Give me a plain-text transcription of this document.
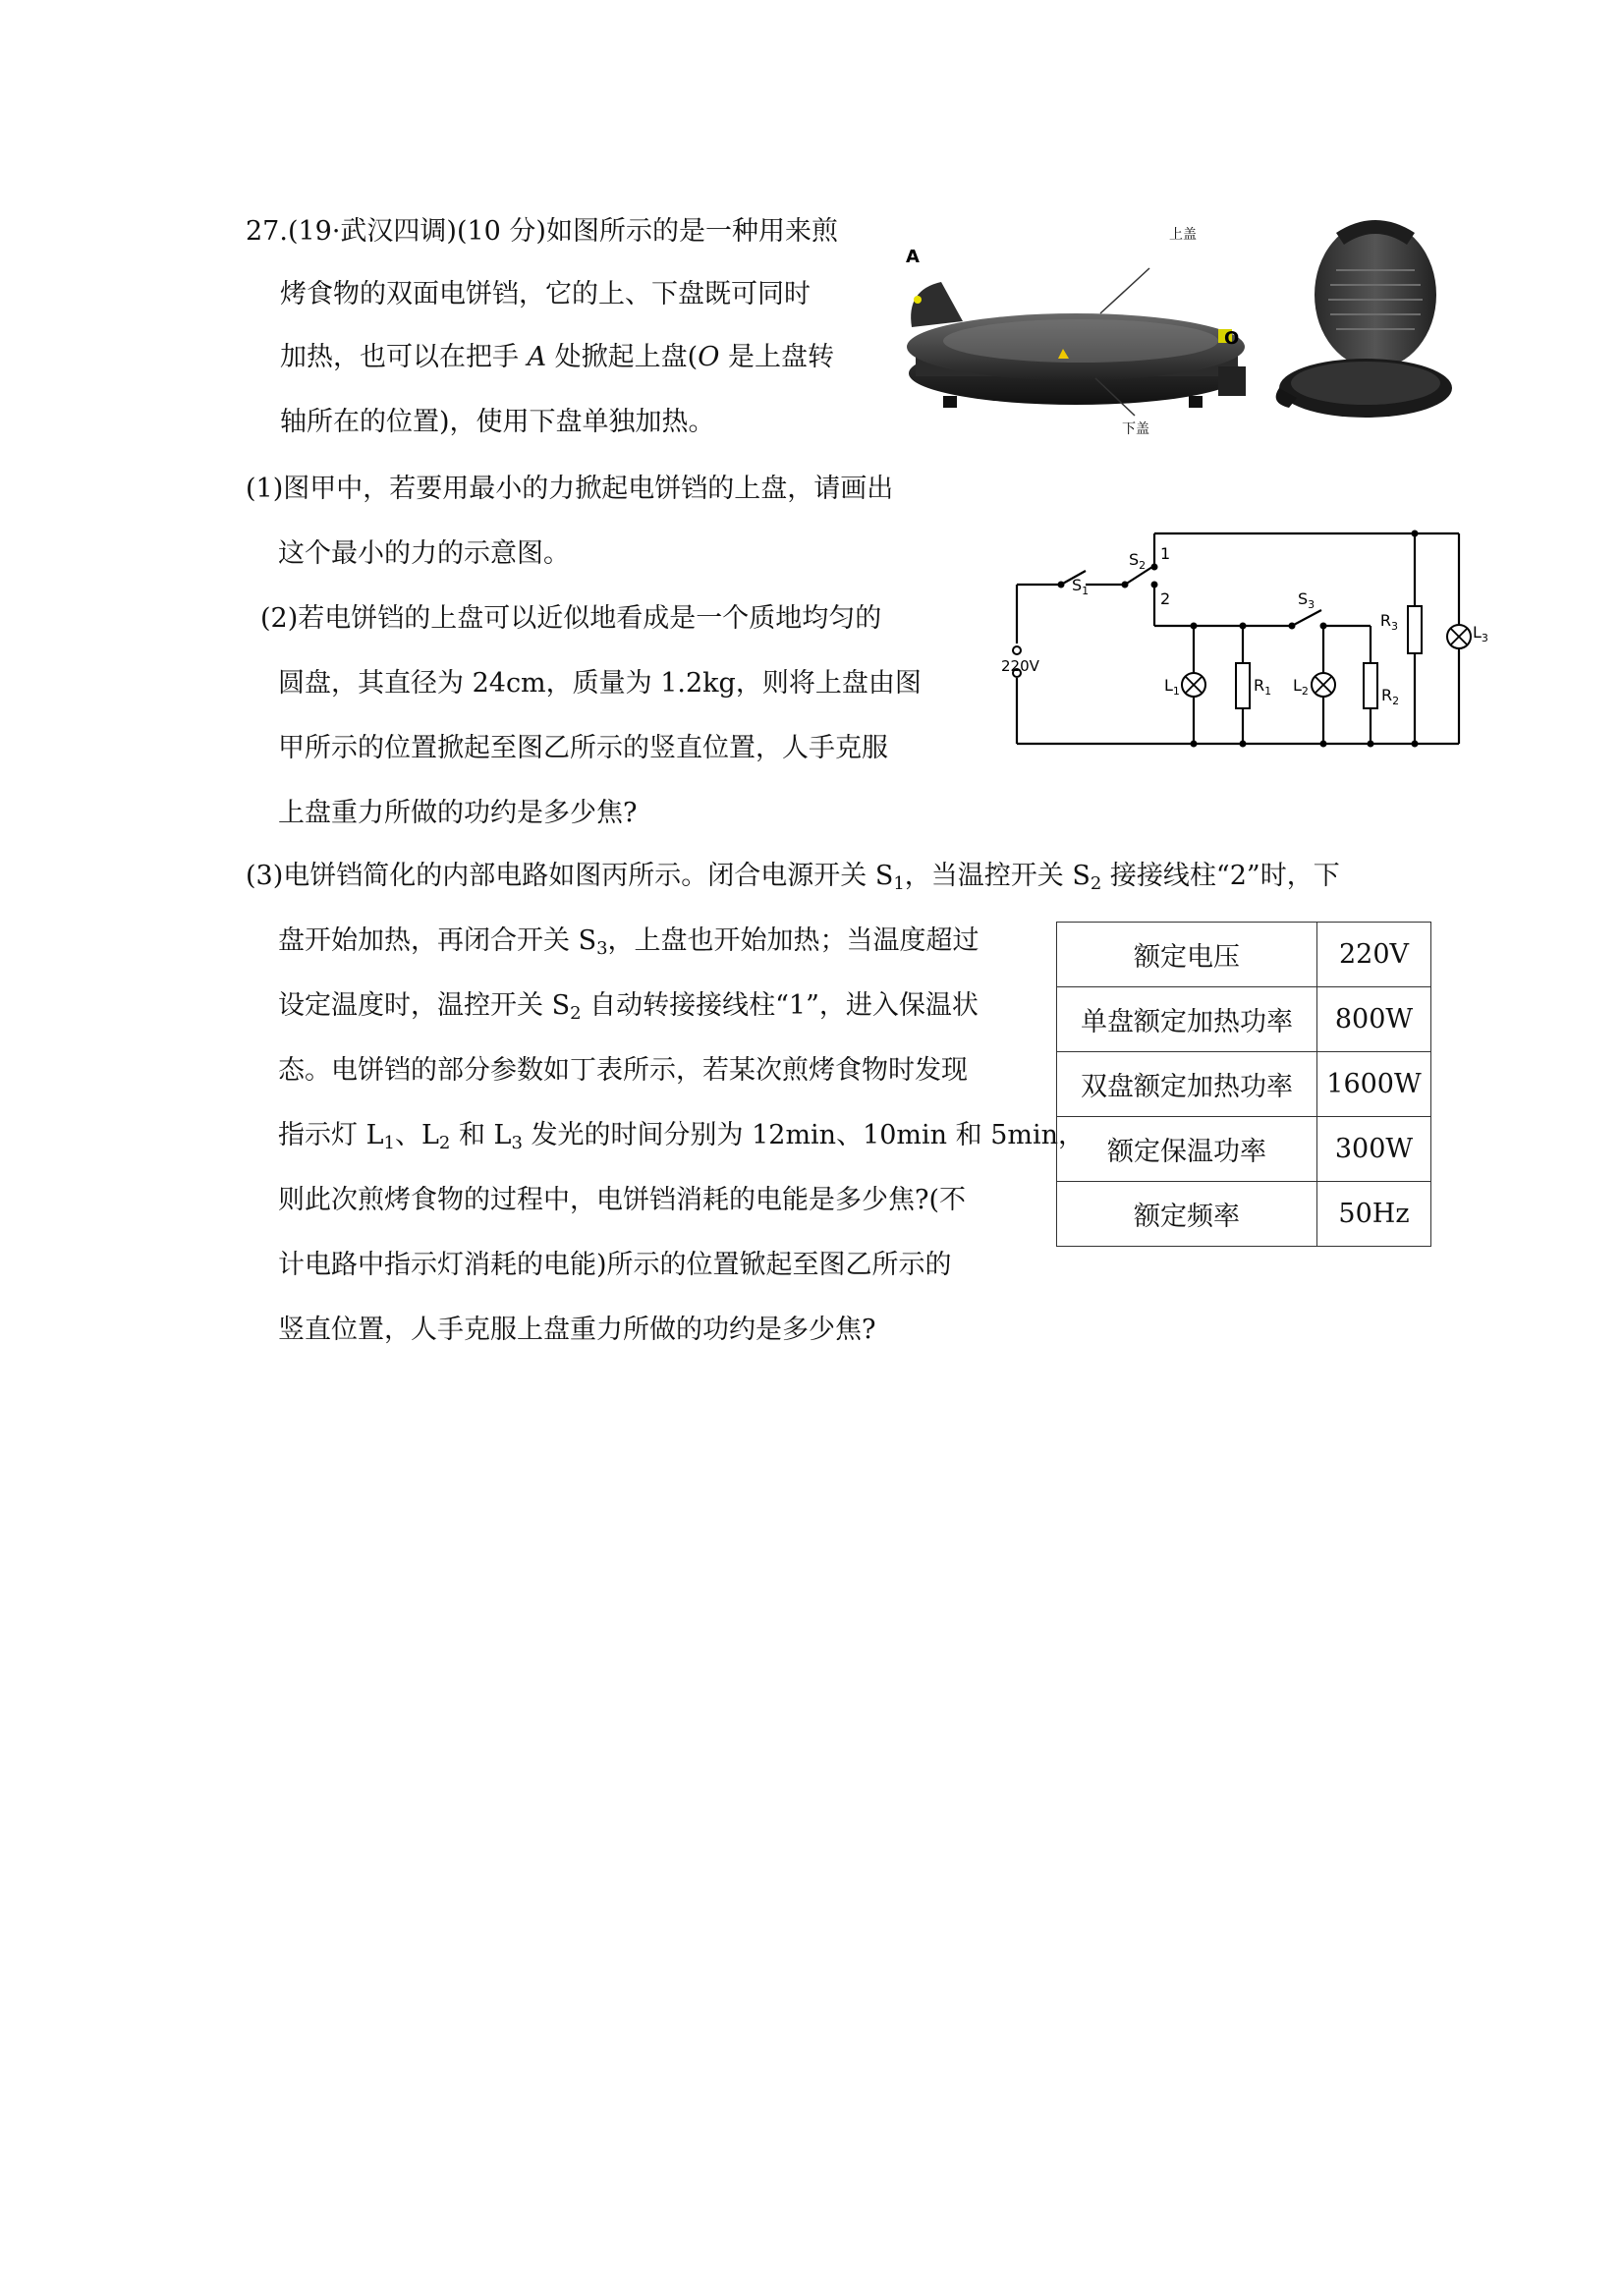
27.(19·武汉四调)(10 分)如图所示的是一种用来煎
烤食物的双面电饼铛，它的上、下盘既可同时
加热，也可以在把手 A 处掀起上盘(O 是上盘转
轴所在的位置)，使用下盘单独加热。
(1)图甲中，若要用最小的力掀起电饼铛的上盘，请画出
这个最小的力的示意图。
(2)若电饼铛的上盘可以近似地看成是一个质地均匀的
圆盘，其直径为 24cm，质量为 1.2kg，则将上盘由图
甲所示的位置掀起至图乙所示的竖直位置，人手克服
上盘重力所做的功约是多少焦?
(3)电饼铛简化的内部电路如图丙所示。闭合电源开关 $S_1$，当温控开关 $S_2$ 接接线柱“2”时，下
盘开始加热，再闭合开关 $S_3$，上盘也开始加热；当温度超过
设定温度时，温控开关 $S_2$ 自动转接接线柱“1”，进入保温状
态。电饼铛的部分参数如丁表所示，若某次煎烤食物时发现
指示灯 $L_1$、$L_2$ 和 $L_3$ 发光的时间分别为 12min、10min 和 5min，
则此次煎烤食物的过程中，电饼铛消耗的电能是多少焦?(不
计电路中指示灯消耗的电能)所示的位置锨起至图乙所示的
竖直位置，人手克服上盘重力所做的功约是多少焦?
A
O
上盖
下盖
220V
$S_1$
$S_2$
1
2	$S_3$
$R_3$
$R_1$	$R_2$
$L_1$	$L_2$
$L_3$
额定电压	220V
单盘额定加热功率	800W
双盘额定加热功率	1600W
额定保温功率	300W
额定频率	50Hz
